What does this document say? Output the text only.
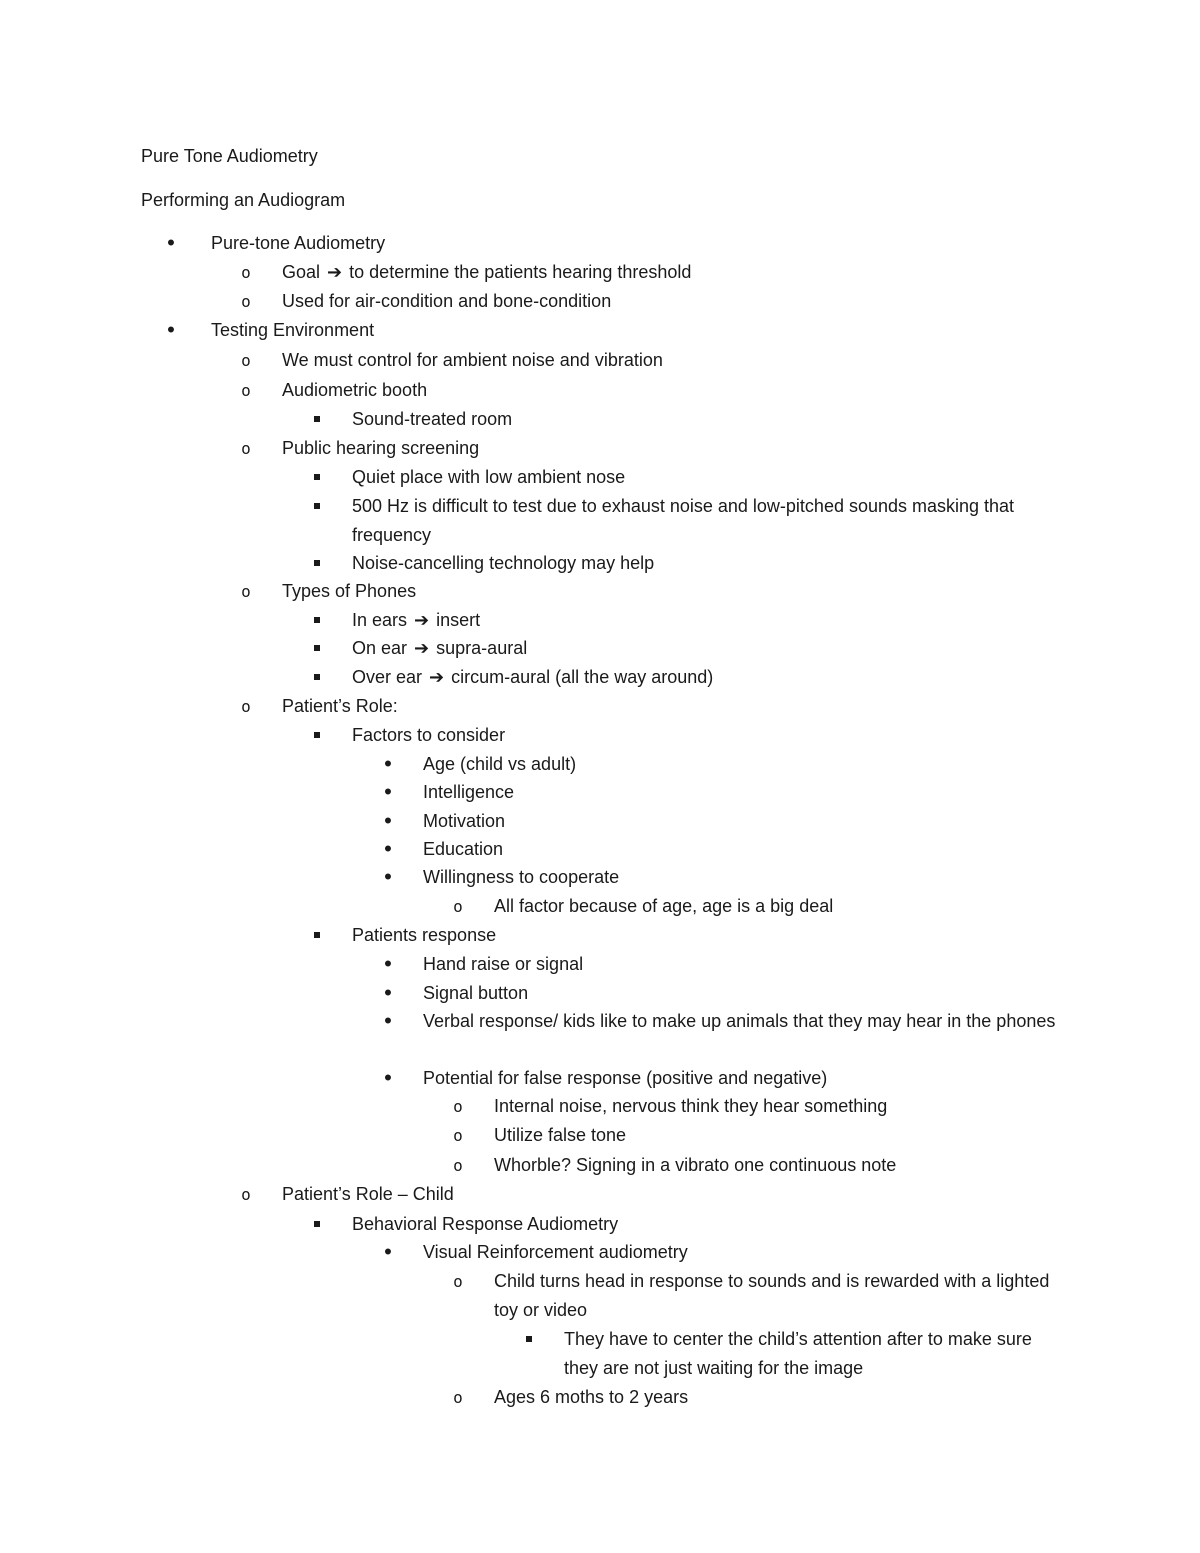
Pure Tone Audiometry
Performing an Audiogram
•
Pure-tone Audiometry
o
Goal ➔ to determine the patients hearing threshold
o
Used for air-condition and bone-condition
•
Testing Environment
o
We must control for ambient noise and vibration
o
Audiometric booth
Sound-treated room
o
Public hearing screening
Quiet place with low ambient nose
500 Hz is difficult to test due to exhaust noise and low-pitched sounds masking that frequency
Noise-cancelling technology may help
o
Types of Phones
In ears ➔ insert
On ear ➔ supra-aural
Over ear ➔ circum-aural (all the way around)
o
Patient’s Role:
Factors to consider
•
Age (child vs adult)
•
Intelligence
•
Motivation
•
Education
•
Willingness to cooperate
o
All factor because of age, age is a big deal
Patients response
•
Hand raise or signal
•
Signal button
•
Verbal response/ kids like to make up animals that they may hear in the phones
•
Potential for false response (positive and negative)
o
Internal noise, nervous think they hear something
o
Utilize false tone
o
Whorble? Signing in a vibrato one continuous note
o
Patient’s Role – Child
Behavioral Response Audiometry
•
Visual Reinforcement audiometry
o
Child turns head in response to sounds and is rewarded with a lighted toy or video
They have to center the child’s attention after to make sure they are not just waiting for the image
o
Ages 6 moths to 2 years
